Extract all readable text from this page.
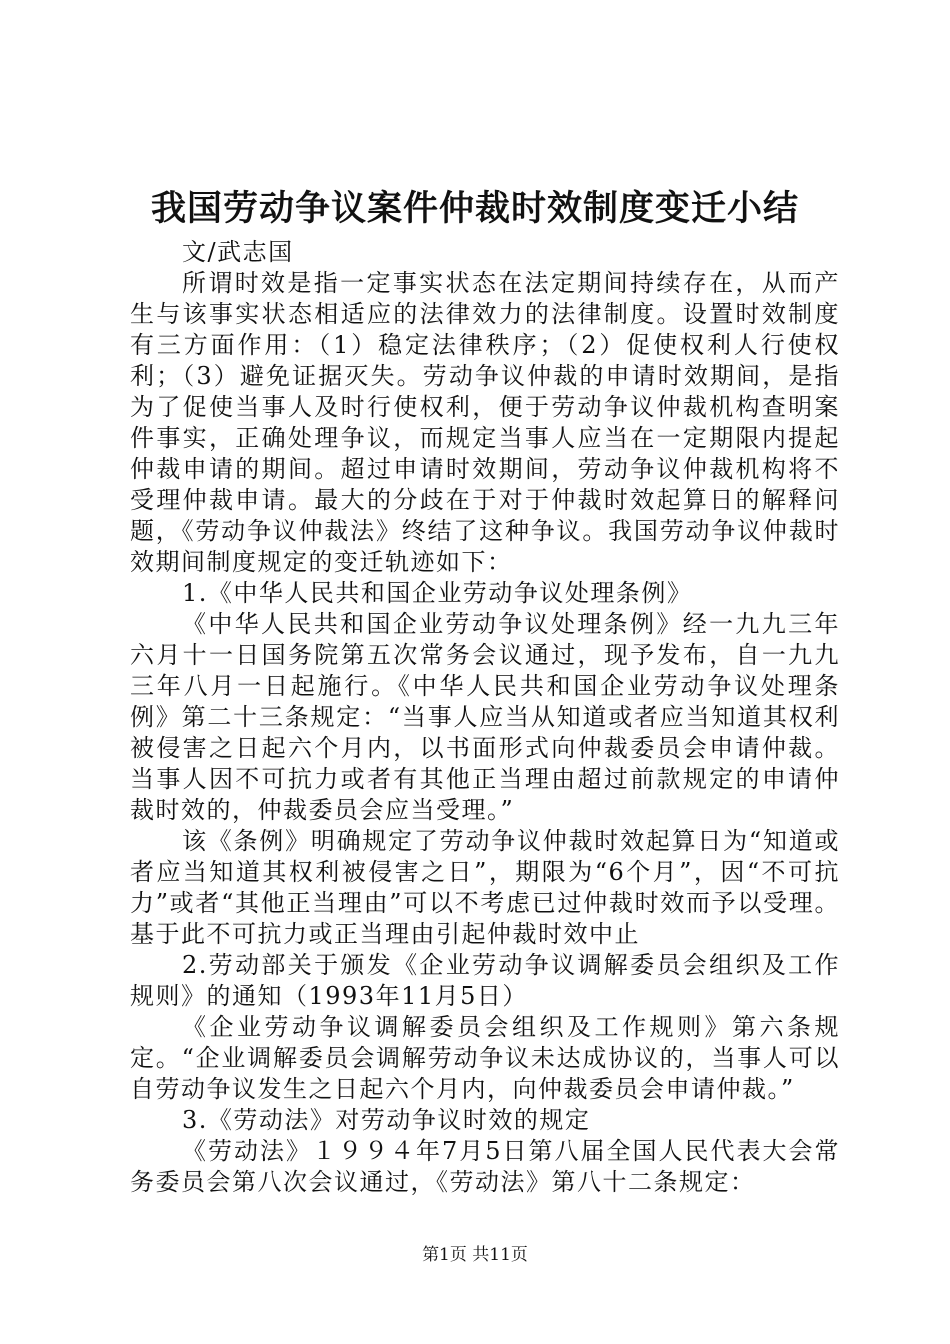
我国劳动争议案件仲裁时效制度变迁小结

文/武志国

所谓时效是指一定事实状态在法定期间持续存在，从而产生与该事实状态相适应的法律效力的法律制度。设置时效制度有三方面作用：（1）稳定法律秩序；（2）促使权利人行使权利；（3）避免证据灭失。劳动争议仲裁的申请时效期间，是指为了促使当事人及时行使权利，便于劳动争议仲裁机构查明案件事实，正确处理争议，而规定当事人应当在一定期限内提起仲裁申请的期间。超过申请时效期间，劳动争议仲裁机构将不受理仲裁申请。最大的分歧在于对于仲裁时效起算日的解释问题，《劳动争议仲裁法》终结了这种争议。我国劳动争议仲裁时效期间制度规定的变迁轨迹如下：

1.《中华人民共和国企业劳动争议处理条例》

《中华人民共和国企业劳动争议处理条例》经一九九三年六月十一日国务院第五次常务会议通过，现予发布，自一九九三年八月一日起施行。《中华人民共和国企业劳动争议处理条例》第二十三条规定：“当事人应当从知道或者应当知道其权利被侵害之日起六个月内，以书面形式向仲裁委员会申请仲裁。当事人因不可抗力或者有其他正当理由超过前款规定的申请仲裁时效的，仲裁委员会应当受理。”

该《条例》明确规定了劳动争议仲裁时效起算日为“知道或者应当知道其权利被侵害之日”，期限为“6个月”，因“不可抗力”或者“其他正当理由”可以不考虑已过仲裁时效而予以受理。基于此不可抗力或正当理由引起仲裁时效中止

2.劳动部关于颁发《企业劳动争议调解委员会组织及工作规则》的通知（1993年11月5日）

《企业劳动争议调解委员会组织及工作规则》第六条规定。“企业调解委员会调解劳动争议未达成协议的，当事人可以自劳动争议发生之日起六个月内，向仲裁委员会申请仲裁。”

3.《劳动法》对劳动争议时效的规定

《劳动法》１９９４年7月5日第八届全国人民代表大会常务委员会第八次会议通过，《劳动法》第八十二条规定：

第1页 共11页
